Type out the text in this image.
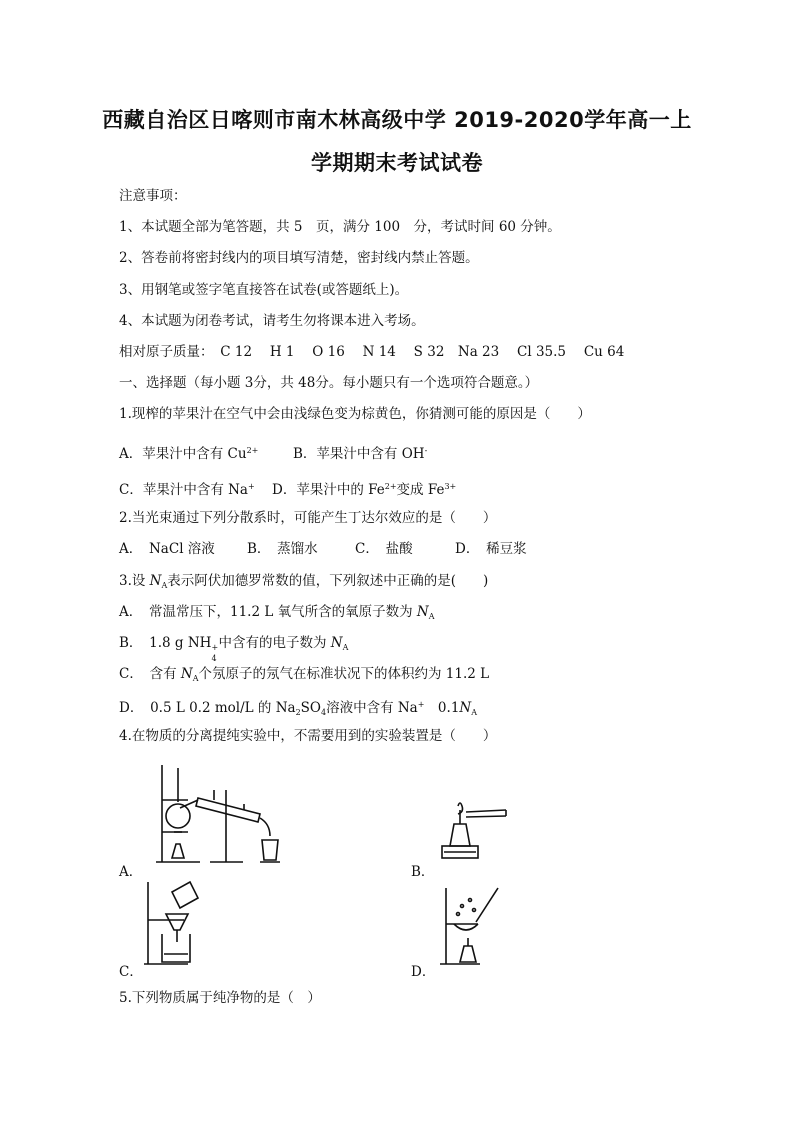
西藏自治区日喀则市南木林高级中学 2019-2020学年高一上
学期期末考试试卷
注意事项：
1、本试题全部为笔答题，共 5　页，满分 100　分，考试时间 60 分钟。
2、答卷前将密封线内的项目填写清楚，密封线内禁止答题。
3、用钢笔或签字笔直接答在试卷(或答题纸上)。
4、本试题为闭卷考试，请考生勿将课本进入考场。
相对原子质量：　C 12　 H 1 　O 16 　N 14　 S 32　Na 23　 Cl 35.5　 Cu 64
一、选择题（每小题 3分，共 48分。每小题只有一个选项符合题意。）
1.现榨的苹果汁在空气中会由浅绿色变为棕黄色，你猜测可能的原因是（　　）
A．苹果汁中含有 $Cu^{2+}$	B．苹果汁中含有 OH-
C．苹果汁中含有 Na+ D．苹果汁中的 $Fe^{2+}$变成 $Fe^{3+}$
2.当光束通过下列分散系时，可能产生丁达尔效应的是（　　）
A．　NaCl 溶液 B．　蒸馏水	C．　盐酸	D．　稀豆浆
3.设 $N_A$表示阿伏加德罗常数的值，下列叙述中正确的是(　　)
A．　常温常压下，11.2 L 氧气所含的氧原子数为 $N_A$
B．　1.8 g NH +
4
中含有的电子数为 $N_A$
C．　含有 $N_A$个氖原子的氖气在标准状况下的体积约为 11.2 L
D．　0.5 L 0.2 mol/L 的 $Na_2SO_4$溶液中含有 Na+　$0.1N_A$
4.在物质的分离提纯实验中，不需要用到的实验装置是（　　）
A．	B．
C．	D．
5.下列物质属于纯净物的是（　）
